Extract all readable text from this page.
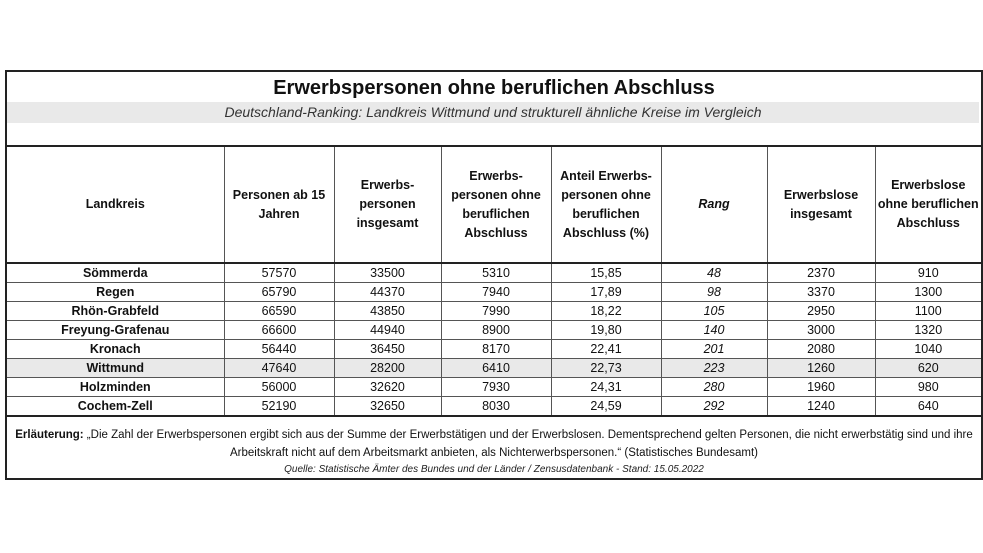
Erwerbspersonen ohne beruflichen Abschluss
Deutschland-Ranking: Landkreis Wittmund und strukturell ähnliche Kreise im Vergleich
Landkreis	Personen ab 15 Jahren	Erwerbs-personen insgesamt	Erwerbs-personen ohne beruflichen Abschluss	Anteil Erwerbs-personen ohne beruflichen Abschluss (%)	Rang	Erwerbslose insgesamt	Erwerbslose ohne beruflichen Abschluss
Sömmerda	57570	33500	5310	15,85	48	2370	910
Regen	65790	44370	7940	17,89	98	3370	1300
Rhön-Grabfeld	66590	43850	7990	18,22	105	2950	1100
Freyung-Grafenau	66600	44940	8900	19,80	140	3000	1320
Kronach	56440	36450	8170	22,41	201	2080	1040
Wittmund	47640	28200	6410	22,73	223	1260	620
Holzminden	56000	32620	7930	24,31	280	1960	980
Cochem-Zell	52190	32650	8030	24,59	292	1240	640
Erläuterung: „Die Zahl der Erwerbspersonen ergibt sich aus der Summe der Erwerbstätigen und der Erwerbslosen. Dementsprechend gelten Personen, die nicht erwerbstätig sind und ihre Arbeitskraft nicht auf dem Arbeitsmarkt anbieten, als Nichterwerbspersonen.“ (Statistisches Bundesamt)
Quelle: Statistische Ämter des Bundes und der Länder / Zensusdatenbank - Stand: 15.05.2022
